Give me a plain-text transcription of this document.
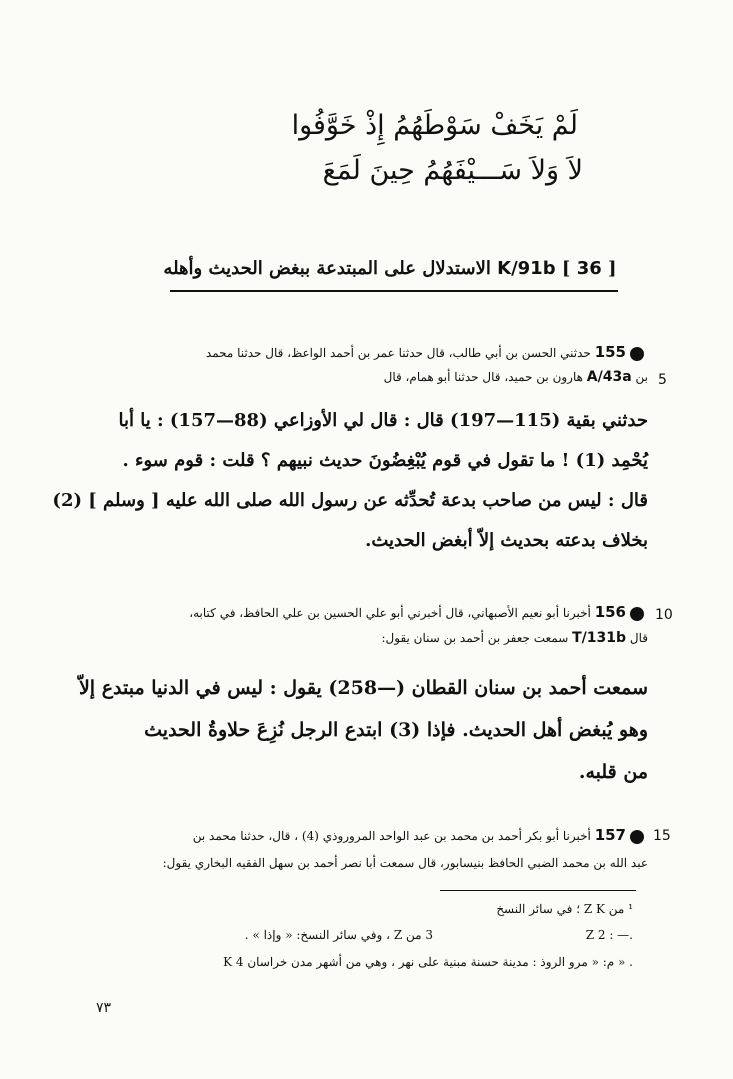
لَمْ يَخَفْ سَوْطَهُمُ إِذْ خَوَّفُوا
لاَ وَلاَ سَـــيْفَهُمُ حِينَ لَمَعَ
الاستدلال على المبتدعة ببغض الحديث وأهله K/91b [ 36 ]
155 حدثني الحسن بن أبي طالب، قال حدثنا عمر بن أحمد الواعظ، قال حدثنا محمد
بن A/43a هارون بن حميد، قال حدثنا أبو همام، قال	5
حدثني بقية (115—197) قال : قال لي الأوزاعي (88—157) : يا أبا
يُحْمِد (1) ! ما تقول في قوم يُبْغِضُونَ حديث نبيهم ؟ قلت : قوم سوء .
قال : ليس من صاحب بدعة تُحدِّثه عن رسول الله صلى الله عليه [ وسلم ] (2)
بخلاف بدعته بحديث إلاّ أبغض الحديث.
156 أخبرنا أبو نعيم الأصبهاني، قال أخبرني أبو علي الحسين بن علي الحافظ، في كتابه،	10
قال T/131b سمعت جعفر بن أحمد بن سنان يقول:
سمعت أحمد بن سنان القطان (—258) يقول : ليس في الدنيا مبتدع إلاّ
وهو يُبغض أهل الحديث. فإذا (3) ابتدع الرجل نُزِعَ حلاوةُ الحديث
من قلبه.
157 أخبرنا أبو بكر أحمد بن محمد بن عبد الواحد المروروذي (4) ، قال، حدثنا محمد بن	15
عبد الله بن محمد الضبي الحافظ بنيسابور، قال سمعت أبا نصر أحمد بن سهل الفقيه البخاري يقول:
¹ من Z K ؛ في سائر النسخ
Z 2 : —.
3 من Z ، وفي سائر النسخ: « وإذا » .
K 4 م: « مرو الروذ : مدينة حسنة مبنية على نهر ، وهي من أشهر مدن خراسان » .
٧٣
